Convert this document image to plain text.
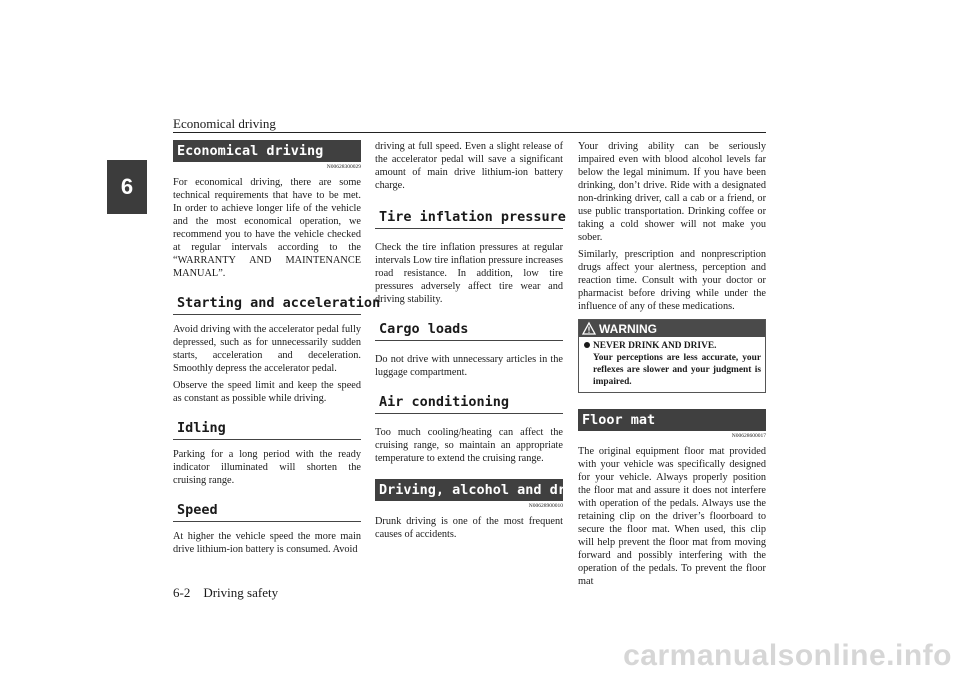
Economical driving
6
6-2 Driving safety
Economical driving
N00628300029

For economical driving, there are some technical requirements that have to be met. In order to achieve longer life of the vehicle and the most economical operation, we recommend you to have the vehicle checked at regular intervals according to the “WARRANTY AND MAINTENANCE MANUAL”.

Starting and acceleration

Avoid driving with the accelerator pedal fully depressed, such as for unnecessarily sudden starts, acceleration and deceleration. Smoothly depress the accelerator pedal.

Observe the speed limit and keep the speed as constant as possible while driving.

Idling

Parking for a long period with the ready indicator illuminated will shorten the cruising range.

Speed

At higher the vehicle speed the more main drive lithium-ion battery is consumed. Avoid

driving at full speed. Even a slight release of the accelerator pedal will save a significant amount of main drive lithium-ion battery charge.

Tire inflation pressure

Check the tire inflation pressures at regular intervals Low tire inflation pressure increases road resistance. In addition, low tire pressures adversely affect tire wear and driving stability.

Cargo loads

Do not drive with unnecessary articles in the luggage compartment.

Air conditioning

Too much cooling/heating can affect the cruising range, so maintain an appropriate temperature to extend the cruising range.

Driving, alcohol and drugs
N00628900010

Drunk driving is one of the most frequent causes of accidents.

Your driving ability can be seriously impaired even with blood alcohol levels far below the legal minimum. If you have been drinking, don’t drive. Ride with a designated non-drinking driver, call a cab or a friend, or use public transportation. Drinking coffee or taking a cold shower will not make you sober.

Similarly, prescription and nonprescription drugs affect your alertness, perception and reaction time. Consult with your doctor or pharmacist before driving while under the influence of any of these medications.

WARNING
NEVER DRINK AND DRIVE.
Your perceptions are less accurate, your reflexes are slower and your judgment is impaired.
Floor mat
N00628600017

The original equipment floor mat provided with your vehicle was specifically designed for your vehicle. Always properly position the floor mat and assure it does not interfere with operation of the pedals. Always use the retaining clip on the driver’s floorboard to secure the floor mat. When used, this clip will help prevent the floor mat from moving forward and possibly interfering with the operation of the pedals. To prevent the floor mat

carmanualsonline.info
